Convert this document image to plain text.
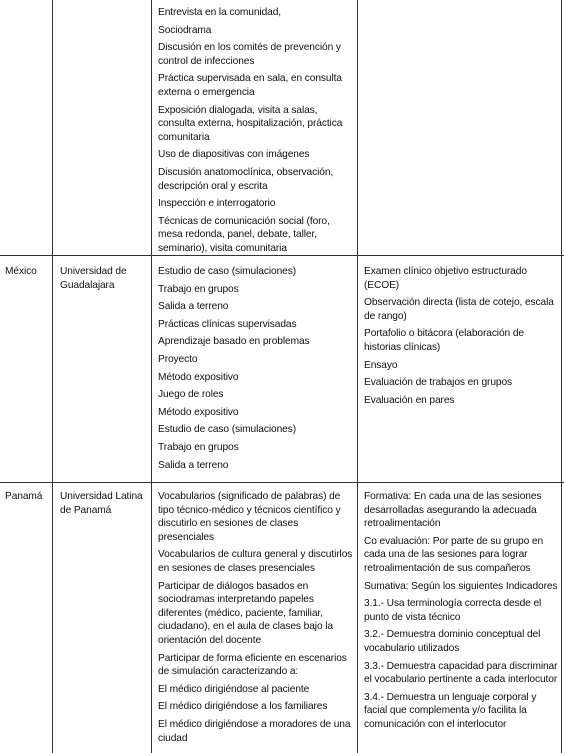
Entrevista en la comunidad,

Sociodrama

Discusión en los comités de prevención y control de infecciones

Práctica supervisada en sala, en consulta externa o emergencia

Exposición dialogada, visita a salas, consulta externa, hospitalización, práctica comunitaria

Uso de diapositivas con imágenes

Discusión anatomoclínica, observación, descripción oral y escrita

Inspección e interrogatorio

Técnicas de comunicación social (foro, mesa redonda, panel, debate, taller, seminario), visita comunitaria

México	Universidad de Guadalajara

Estudio de caso (simulaciones)

Trabajo en grupos

Salida a terreno

Prácticas clínicas supervisadas

Aprendizaje basado en problemas

Proyecto

Método expositivo

Juego de roles

Método expositivo

Estudio de caso (simulaciones)

Trabajo en grupos

Salida a terreno

Examen clínico objetivo estructurado (ECOE)

Observación directa (lista de cotejo, escala de rango)

Portafolio o bitácora (elaboración de historias clínicas)

Ensayo

Evaluación de trabajos en grupos

Evaluación en pares

Panamá	Universidad Latina de Panamá

Vocabularios (significado de palabras) de tipo técnico-médico y técnicos científico y discutirlo en sesiones de clases presenciales

Vocabularios de cultura general y discutirlos en sesiones de clases presenciales

Participar de diálogos basados en sociodramas interpretando papeles diferentes (médico, paciente, familiar, ciudadano), en el aula de clases bajo la orientación del docente

Participar de forma eficiente en escenarios de simulación caracterizando a:

El médico dirigiéndose al paciente

El médico dirigiéndose a los familiares

El médico dirigiéndose a moradores de una ciudad

Formativa: En cada una de las sesiones desarrolladas asegurando la adecuada retroalimentación

Co evaluación: Por parte de su grupo en cada una de las sesiones para lograr retroalimentación de sus compañeros

Sumativa: Según los siguientes Indicadores

3.1.- Usa terminología correcta desde el punto de vista técnico

3.2.- Demuestra dominio conceptual del vocabulario utilizados

3.3.- Demuestra capacidad para discriminar el vocabulario pertinente a cada interlocutor

3.4.- Demuestra un lenguaje corporal y facial que complementa y/o facilita la comunicación con el interlocutor
